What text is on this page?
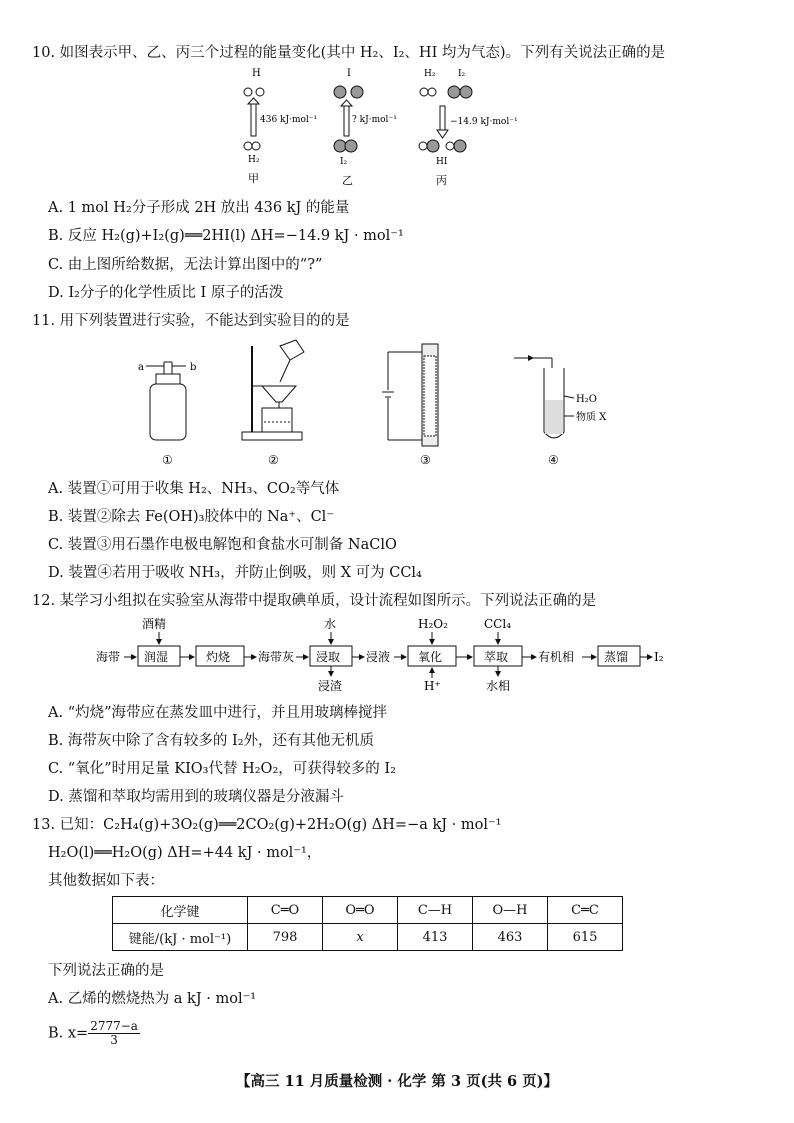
10. 如图表示甲、乙、丙三个过程的能量变化(其中 H₂、I₂、HI 均为气态)。下列有关说法正确的是
H
436 kJ·mol⁻¹
H₂
甲
I
? kJ·mol⁻¹
I₂
乙
H₂	I₂
−14.9 kJ·mol⁻¹
HI
丙
A. 1 mol H₂分子形成 2H 放出 436 kJ 的能量
B. 反应 H₂(g)+I₂(g)══2HI(l) ΔH=−14.9 kJ · mol⁻¹
C. 由上图所给数据，无法计算出图中的“?”
D. I₂分子的化学性质比 I 原子的活泼
11. 用下列装置进行实验，不能达到实验目的的是
a	b
①	②	③
H₂O
物质 X
④
A. 装置①可用于收集 H₂、NH₃、CO₂等气体
B. 装置②除去 Fe(OH)₃胶体中的 Na⁺、Cl⁻
C. 装置③用石墨作电极电解饱和食盐水可制备 NaClO
D. 装置④若用于吸收 NH₃，并防止倒吸，则 X 可为 CCl₄
12. 某学习小组拟在实验室从海带中提取碘单质，设计流程如图所示。下列说法正确的是
海带 润湿
酒精
灼烧 海带灰 浸取
水
浸渣
浸液 氧化
H₂O₂
H⁺
萃取
CCl₄
水相
有机相 蒸馏 I₂
A. “灼烧”海带应在蒸发皿中进行，并且用玻璃棒搅拌
B. 海带灰中除了含有较多的 I₂外，还有其他无机质
C. “氧化”时用足量 KIO₃代替 H₂O₂，可获得较多的 I₂
D. 蒸馏和萃取均需用到的玻璃仪器是分液漏斗
13. 已知：C₂H₄(g)+3O₂(g)══2CO₂(g)+2H₂O(g) ΔH=−a kJ · mol⁻¹
H₂O(l)══H₂O(g) ΔH=+44 kJ · mol⁻¹，
其他数据如下表：
化学键	C═O	O═O	C—H	O—H	C═C
键能/(kJ · mol⁻¹)	798	x	413	463	615
下列说法正确的是
A. 乙烯的燃烧热为 a kJ · mol⁻¹
B. $x= \frac{2777-a}{3}$
【高三 11 月质量检测 · 化学 第 3 页(共 6 页)】
